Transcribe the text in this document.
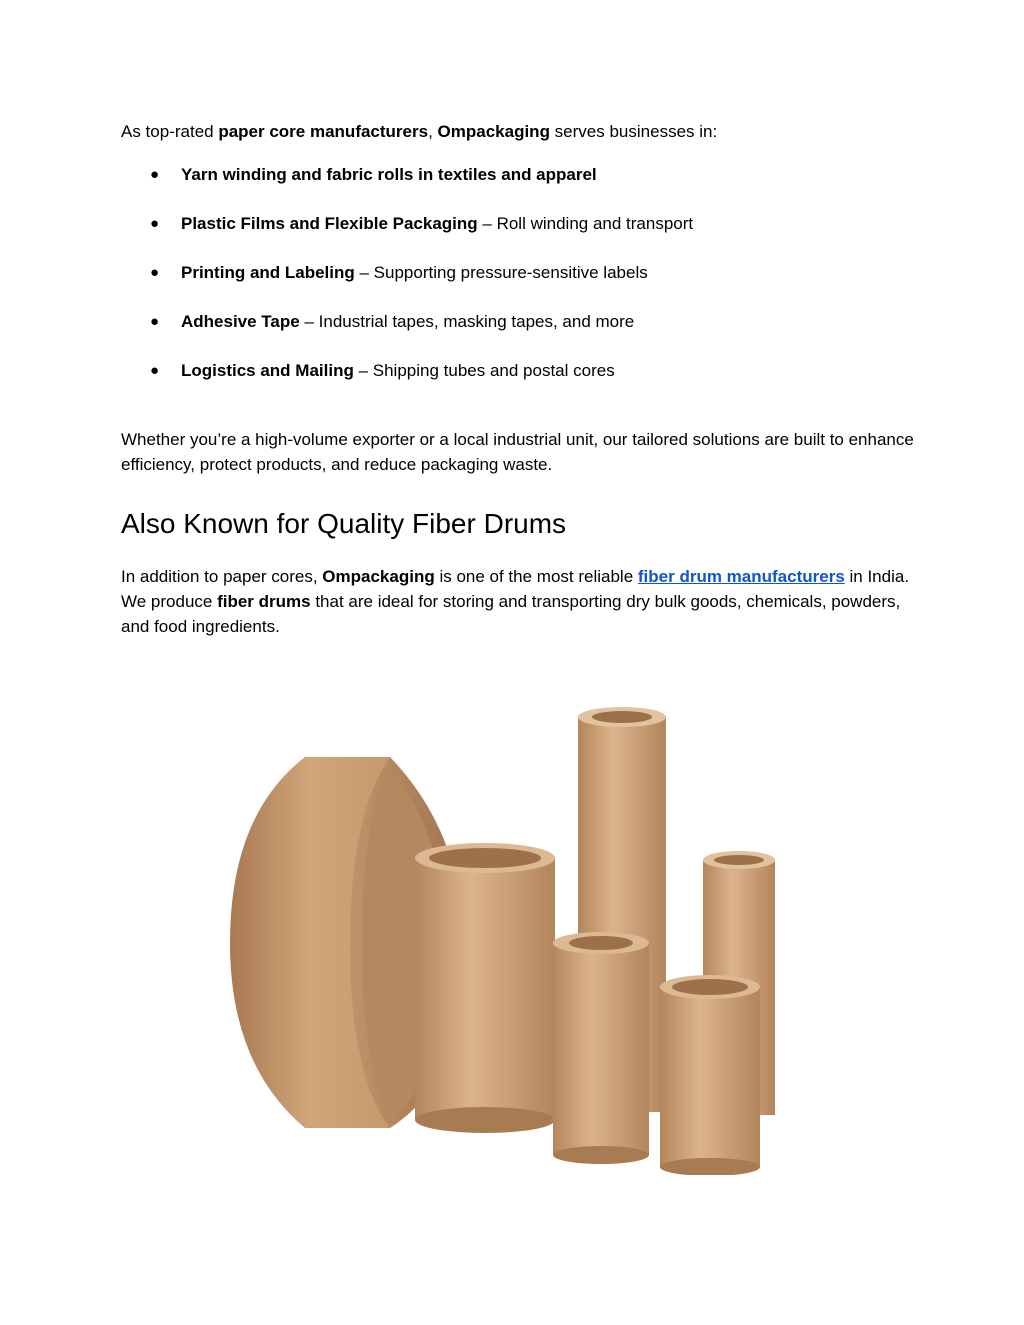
As top-rated paper core manufacturers, Ompackaging serves businesses in:

● Yarn winding and fabric rolls in textiles and apparel
● Plastic Films and Flexible Packaging – Roll winding and transport
● Printing and Labeling – Supporting pressure-sensitive labels
● Adhesive Tape – Industrial tapes, masking tapes, and more
● Logistics and Mailing – Shipping tubes and postal cores

Whether you’re a high-volume exporter or a local industrial unit, our tailored solutions are built to enhance efficiency, protect products, and reduce packaging waste.

Also Known for Quality Fiber Drums

In addition to paper cores, Ompackaging is one of the most reliable fiber drum manufacturers in India. We produce fiber drums that are ideal for storing and transporting dry bulk goods, chemicals, powders, and food ingredients.
